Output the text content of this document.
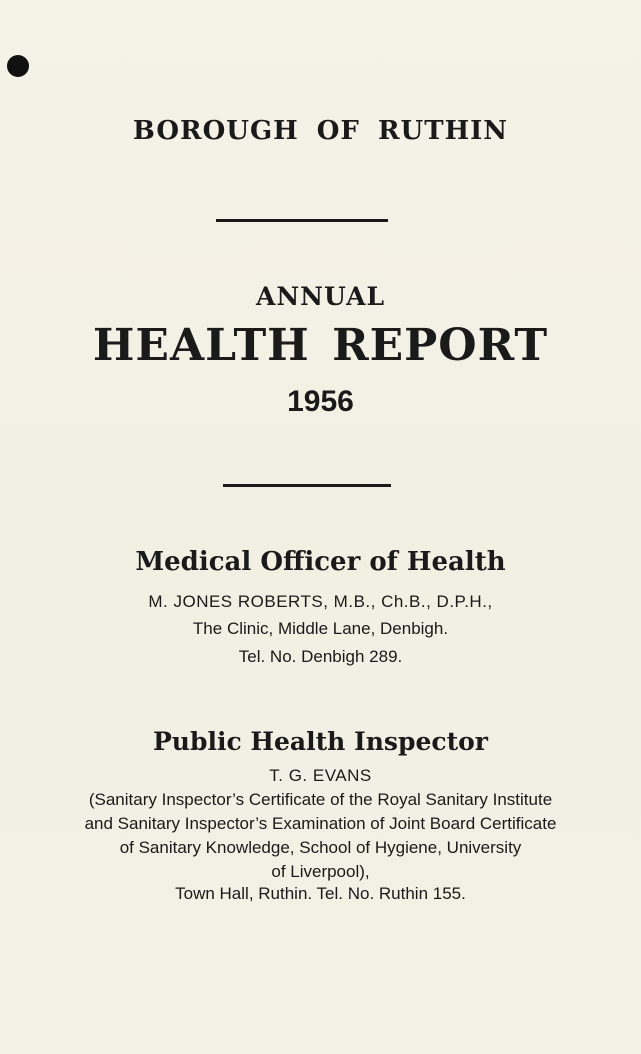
BOROUGH OF RUTHIN
ANNUAL
HEALTH REPORT
1956
Medical Officer of Health
M. JONES ROBERTS, M.B., Ch.B., D.P.H.,
The Clinic, Middle Lane, Denbigh.
Tel. No. Denbigh 289.
Public Health Inspector
T. G. EVANS
(Sanitary Inspector’s Certificate of the Royal Sanitary Institute
and Sanitary Inspector’s Examination of Joint Board Certificate
of Sanitary Knowledge, School of Hygiene, University
of Liverpool),
Town Hall, Ruthin. Tel. No. Ruthin 155.
